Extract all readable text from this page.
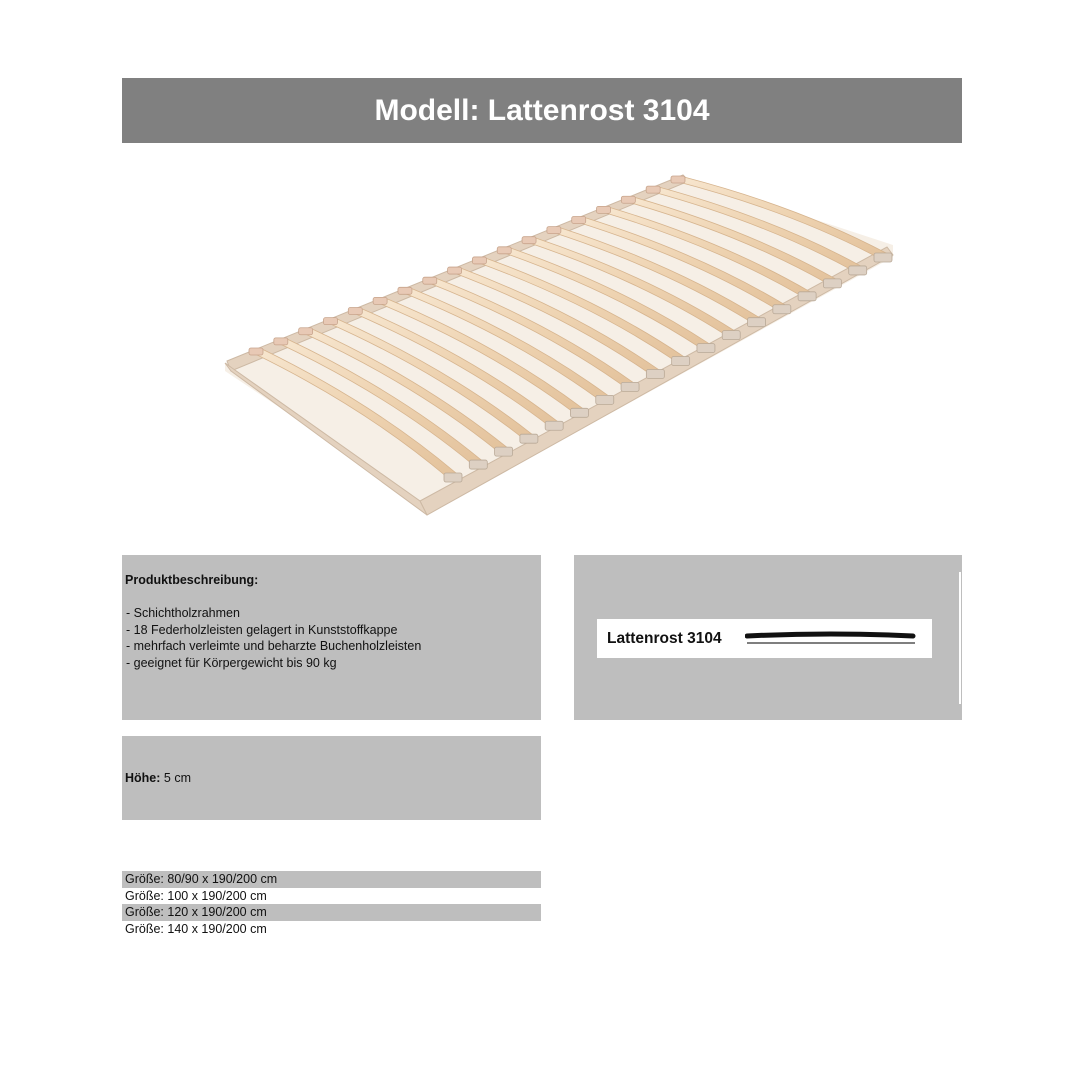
Modell: Lattenrost 3104
Produktbeschreibung:
- Schichtholzrahmen
- 18 Federholzleisten gelagert in Kunststoffkappe
- mehrfach verleimte und beharzte Buchenholzleisten
- geeignet für Körpergewicht bis 90 kg
Lattenrost 3104
Höhe: 5 cm
Größe: 80/90 x 190/200 cm
Größe: 100 x 190/200 cm
Größe: 120 x 190/200 cm
Größe: 140 x 190/200 cm
